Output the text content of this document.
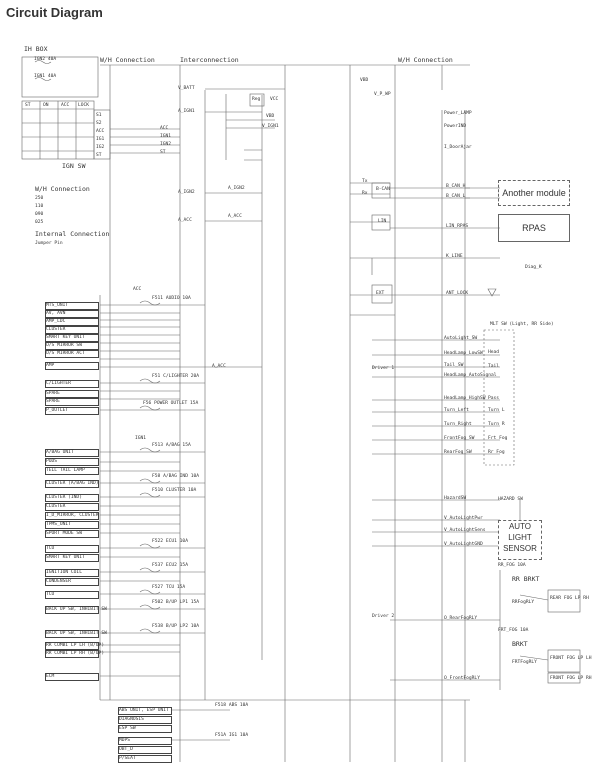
Circuit Diagram
IH BOX
W/H Connection	Interconnection	W/H Connection
IGN2 40A
IGN1 40A
ST	ON	ACC LOCK
S1
S2
ACC
IG1
IG2
ST
ACC
IGN1
IGN2
ST
IGN SW
W/H Connection
250
110
090
025
Internal Connection
Jumper Pin
V_BATT
A_IGN1
A_IGN2
A_ACC
A_IGN2
A_ACC
Reg VCC
VBD
V_IGN1
VBD
V_P_WP
MTS_UNIT
AV, AVN
AMP_LDC
CLUSTER
SMART KEY UNIT
O/S MIRROR SW
O/S MIRROR ACT
AMP
C/LIGHTER
SPARE
SPARE
P_OUTLET
A/BAG UNIT
PODS
TELL TAIL LAMP
CLUSTER (A/BAG IND)
CLUSTER (IND)
CLUSTER
I_D_MIRROR, CLUSTER
TPMS_UNIT
SPORT MODE SW
TCU
SMART KEY UNIT
IGNITION COIL
CONDENSER
TCU
BACK UP SW, INHIBIT SW
BACK UP SW, INHIBIT SW
RR COMBI LP LH (B/UP)
RR COMBI LP RH (B/UP)
ECM
ABS UNIT, ESP UNIT
DIAGNOSIS
ESP SW
MDPS
OBT_D
P/SEAT
ACC
F511 AUDIO 10A
A_ACC
F51 C/LIGHTER 20A
F56 POWER OUTLET 15A
IGN1
F513 A/BAG 15A
F58 A/BAG IND 10A
F510 CLUSTER 10A
F522 ECU1 10A
F537 ECU2 15A
F527 TCU 15A
F502 B/UP LP1 15A
F538 B/UP LP2 10A
F518 ABS 10A
F51A IG1 10A
B-CAN
LIN
Tx
Rx
B_CAN_H
B_CAN_L
LIN_RPAS
K_LINE
ANT_LOCK
EXT
Diag_K
Another module
RPAS
AUTO
LIGHT
SENSOR
MLT SW (Light, RR Side)
Head
Tail
Pass
Turn L
Turn R
Frt Fog
Rr Fog
HAZARD SW
RR_FOG 10A
RR BRKT
RRFogRLY
REAR FOG LP RH
FRT_FOG 10A
BRKT
FRTFogRLY
FRONT FOG LP LH
FRONT FOG LP RH
Driver 1
Driver 2
Power_LAMP
PowerIND
I_DoorAjar
AutoLight_SW
HeadLamp_LowSW
Tail_SW
HeadLamp_AutoSignal
HeadLamp_HighSW
Turn_Left
Turn_Right
FrontFog_SW
RearFog_SW
HazardSW
V_AutoLightPwr
V_AutoLightSens
V_AutoLightGND
O_RearFogRLY
O_FrontFogRLY
